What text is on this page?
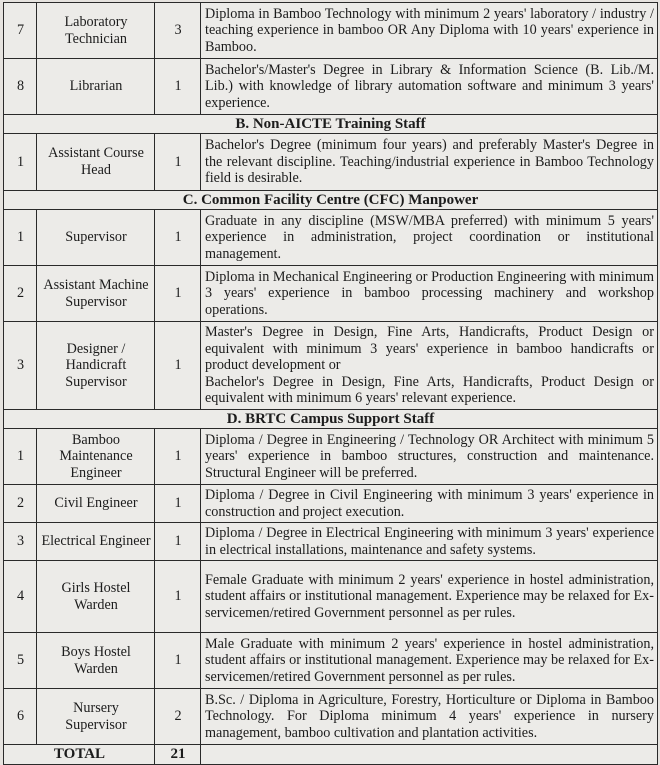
7	Laboratory Technician	3	Diploma in Bamboo Technology with minimum 2 years' laboratory / industry / teaching experience in bamboo OR Any Diploma with 10 years' experience in Bamboo.
8	Librarian	1	Bachelor's/Master's Degree in Library & Information Science (B. Lib./M. Lib.) with knowledge of library automation software and minimum 3 years' experience.
B. Non-AICTE Training Staff			
1	Assistant Course Head	1	Bachelor's Degree (minimum four years) and preferably Master's Degree in the relevant discipline. Teaching/industrial experience in Bamboo Technology field is desirable.
C. Common Facility Centre (CFC) Manpower			
1	Supervisor	1	Graduate in any discipline (MSW/MBA preferred) with minimum 5 years' experience in administration, project coordination or institutional management.
2	Assistant Machine Supervisor	1	Diploma in Mechanical Engineering or Production Engineering with minimum 3 years' experience in bamboo processing machinery and workshop operations.
3	Designer / Handicraft Supervisor	1	Master's Degree in Design, Fine Arts, Handicrafts, Product Design or equivalent with minimum 3 years' experience in bamboo handicrafts or product development or
Bachelor's Degree in Design, Fine Arts, Handicrafts, Product Design or equivalent with minimum 6 years' relevant experience.

D. BRTC Campus Support Staff			
1	Bamboo Maintenance Engineer	1	Diploma / Degree in Engineering / Technology OR Architect with minimum 5 years' experience in bamboo structures, construction and maintenance. Structural Engineer will be preferred.
2	Civil Engineer	1	Diploma / Degree in Civil Engineering with minimum 3 years' experience in construction and project execution.
3	Electrical Engineer	1	Diploma / Degree in Electrical Engineering with minimum 3 years' experience in electrical installations, maintenance and safety systems.
4	Girls Hostel Warden	1	Female Graduate with minimum 2 years' experience in hostel administration, student affairs or institutional management. Experience may be relaxed for Ex-servicemen/retired Government personnel as per rules.
5	Boys Hostel Warden	1	Male Graduate with minimum 2 years' experience in hostel administration, student affairs or institutional management. Experience may be relaxed for Ex-servicemen/retired Government personnel as per rules.
6	Nursery Supervisor	2	B.Sc. / Diploma in Agriculture, Forestry, Horticulture or Diploma in Bamboo Technology. For Diploma minimum 4 years' experience in nursery management, bamboo cultivation and plantation activities.
TOTAL		21	
